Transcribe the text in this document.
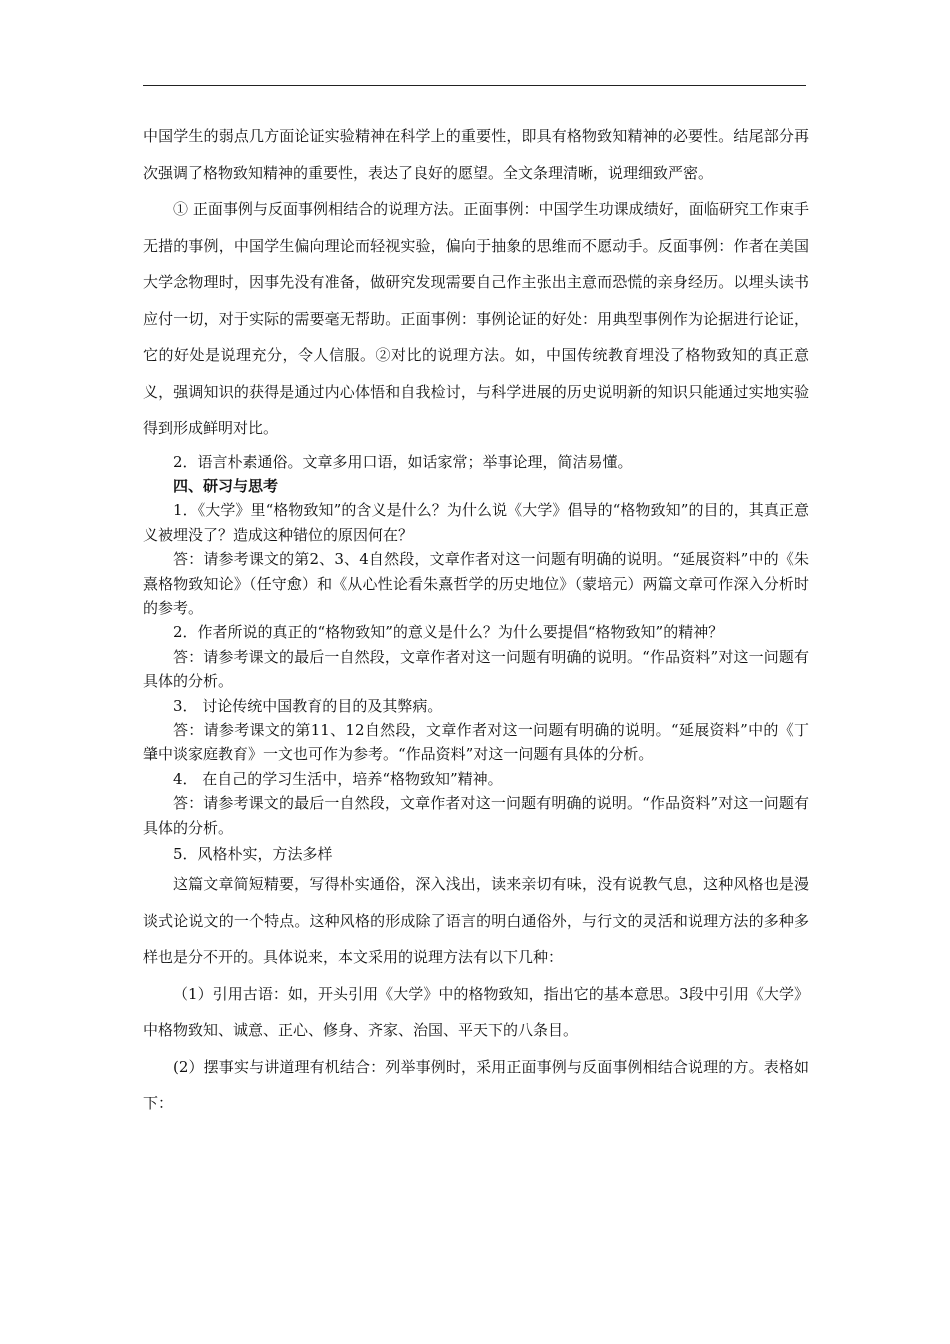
中国学生的弱点几方面论证实验精神在科学上的重要性，即具有格物致知精神的必要性。结尾部分再次强调了格物致知精神的重要性，表达了良好的愿望。全文条理清晰，说理细致严密。

① 正面事例与反面事例相结合的说理方法。正面事例：中国学生功课成绩好，面临研究工作束手无措的事例，中国学生偏向理论而轻视实验，偏向于抽象的思维而不愿动手。反面事例：作者在美国大学念物理时，因事先没有准备，做研究发现需要自己作主张出主意而恐慌的亲身经历。以埋头读书应付一切，对于实际的需要毫无帮助。正面事例：事例论证的好处：用典型事例作为论据进行论证，它的好处是说理充分，令人信服。②对比的说理方法。如，中国传统教育埋没了格物致知的真正意义，强调知识的获得是通过内心体悟和自我检讨，与科学进展的历史说明新的知识只能通过实地实验得到形成鲜明对比。

2．语言朴素通俗。文章多用口语，如话家常；举事论理，简洁易懂。

四、研习与思考

1．《大学》里“格物致知”的含义是什么？为什么说《大学》倡导的“格物致知”的目的，其真正意义被埋没了？造成这种错位的原因何在？

答：请参考课文的第2、3、4自然段，文章作者对这一问题有明确的说明。“延展资料”中的《朱熹格物致知论》（任守愈）和《从心性论看朱熹哲学的历史地位》（蒙培元）两篇文章可作深入分析时的参考。

2．作者所说的真正的“格物致知”的意义是什么？为什么要提倡“格物致知”的精神？

答：请参考课文的最后一自然段，文章作者对这一问题有明确的说明。“作品资料”对这一问题有具体的分析。

3． 讨论传统中国教育的目的及其弊病。

答：请参考课文的第11、12自然段，文章作者对这一问题有明确的说明。“延展资料”中的《丁肇中谈家庭教育》一文也可作为参考。“作品资料”对这一问题有具体的分析。

4． 在自己的学习生活中，培养“格物致知”精神。

答：请参考课文的最后一自然段，文章作者对这一问题有明确的说明。“作品资料”对这一问题有具体的分析。

5．风格朴实，方法多样

这篇文章简短精要，写得朴实通俗，深入浅出，读来亲切有味，没有说教气息，这种风格也是漫谈式论说文的一个特点。这种风格的形成除了语言的明白通俗外，与行文的灵活和说理方法的多种多样也是分不开的。具体说来，本文采用的说理方法有以下几种：

（1）引用古语：如，开头引用《大学》中的格物致知，指出它的基本意思。3段中引用《大学》中格物致知、诚意、正心、修身、齐家、治国、平天下的八条目。

(2）摆事实与讲道理有机结合：列举事例时，采用正面事例与反面事例相结合说理的方。表格如下：
